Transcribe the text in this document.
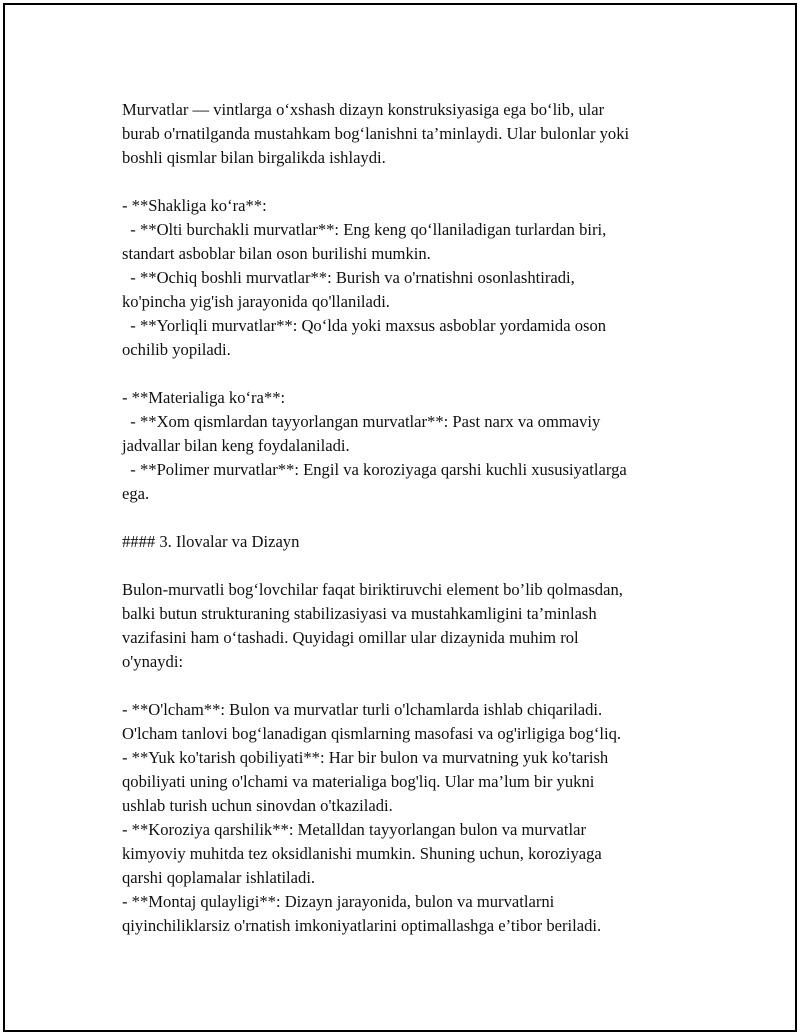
Murvatlar — vintlarga o‘xshash dizayn konstruksiyasiga ega bo‘lib, ular
burab o'rnatilganda mustahkam bog‘lanishni ta’minlaydi. Ular bulonlar yoki
boshli qismlar bilan birgalikda ishlaydi.
- **Shakliga ko‘ra**:
- **Olti burchakli murvatlar**: Eng keng qo‘llaniladigan turlardan biri,
standart asboblar bilan oson burilishi mumkin.
- **Ochiq boshli murvatlar**: Burish va o'rnatishni osonlashtiradi,
ko'pincha yig'ish jarayonida qo'llaniladi.
- **Yorliqli murvatlar**: Qo‘lda yoki maxsus asboblar yordamida oson
ochilib yopiladi.
- **Materialiga ko‘ra**:
- **Xom qismlardan tayyorlangan murvatlar**: Past narx va ommaviy
jadvallar bilan keng foydalaniladi.
- **Polimer murvatlar**: Engil va koroziyaga qarshi kuchli xususiyatlarga
ega.
#### 3. Ilovalar va Dizayn
Bulon-murvatli bog‘lovchilar faqat biriktiruvchi element bo’lib qolmasdan,
balki butun strukturaning stabilizasiyasi va mustahkamligini ta’minlash
vazifasini ham o‘tashadi. Quyidagi omillar ular dizaynida muhim rol
o'ynaydi:
- **O'lcham**: Bulon va murvatlar turli o'lchamlarda ishlab chiqariladi.
O'lcham tanlovi bog‘lanadigan qismlarning masofasi va og'irligiga bog‘liq.
- **Yuk ko'tarish qobiliyati**: Har bir bulon va murvatning yuk ko'tarish
qobiliyati uning o'lchami va materialiga bog'liq. Ular ma’lum bir yukni
ushlab turish uchun sinovdan o'tkaziladi.
- **Koroziya qarshilik**: Metalldan tayyorlangan bulon va murvatlar
kimyoviy muhitda tez oksidlanishi mumkin. Shuning uchun, koroziyaga
qarshi qoplamalar ishlatiladi.
- **Montaj qulayligi**: Dizayn jarayonida, bulon va murvatlarni
qiyinchiliklarsiz o'rnatish imkoniyatlarini optimallashga e’tibor beriladi.
